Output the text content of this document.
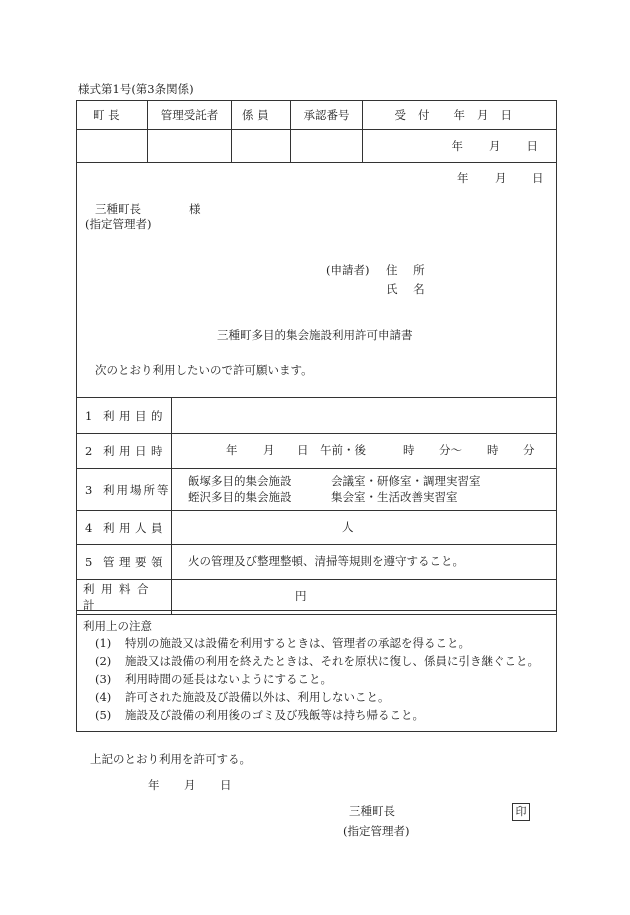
様式第1号(第3条関係)
町 長	管理受託者	係 員	承認番号	受付 年 月 日

				年 月 日
年 月 日
三種町長	様
(指定管理者)
(申請者) 住 所
氏 名
三種町多目的集会施設利用許可申請書
次のとおり利用したいので許可願います。
1 利用目的
2 利用日時	年 月 日 午前・後	時 分〜 時 分
3 利用場所等
飯塚多目的集会施設	会議室・研修室・調理実習室
蛭沢多目的集会施設	集会室・生活改善実習室
4 利用人員	人
5 管理要領 火の管理及び整理整頓、清掃等規則を遵守すること。
利用料合計
円
利用上の注意
(1) 特別の施設又は設備を利用するときは、管理者の承認を得ること。
(2) 施設又は設備の利用を終えたときは、それを原状に復し、係員に引き継ぐこと。
(3) 利用時間の延長はないようにすること。
(4) 許可された施設及び設備以外は、利用しないこと。
(5) 施設及び設備の利用後のゴミ及び残飯等は持ち帰ること。
上記のとおり利用を許可する。
年 月 日
三種町長	印
(指定管理者)
